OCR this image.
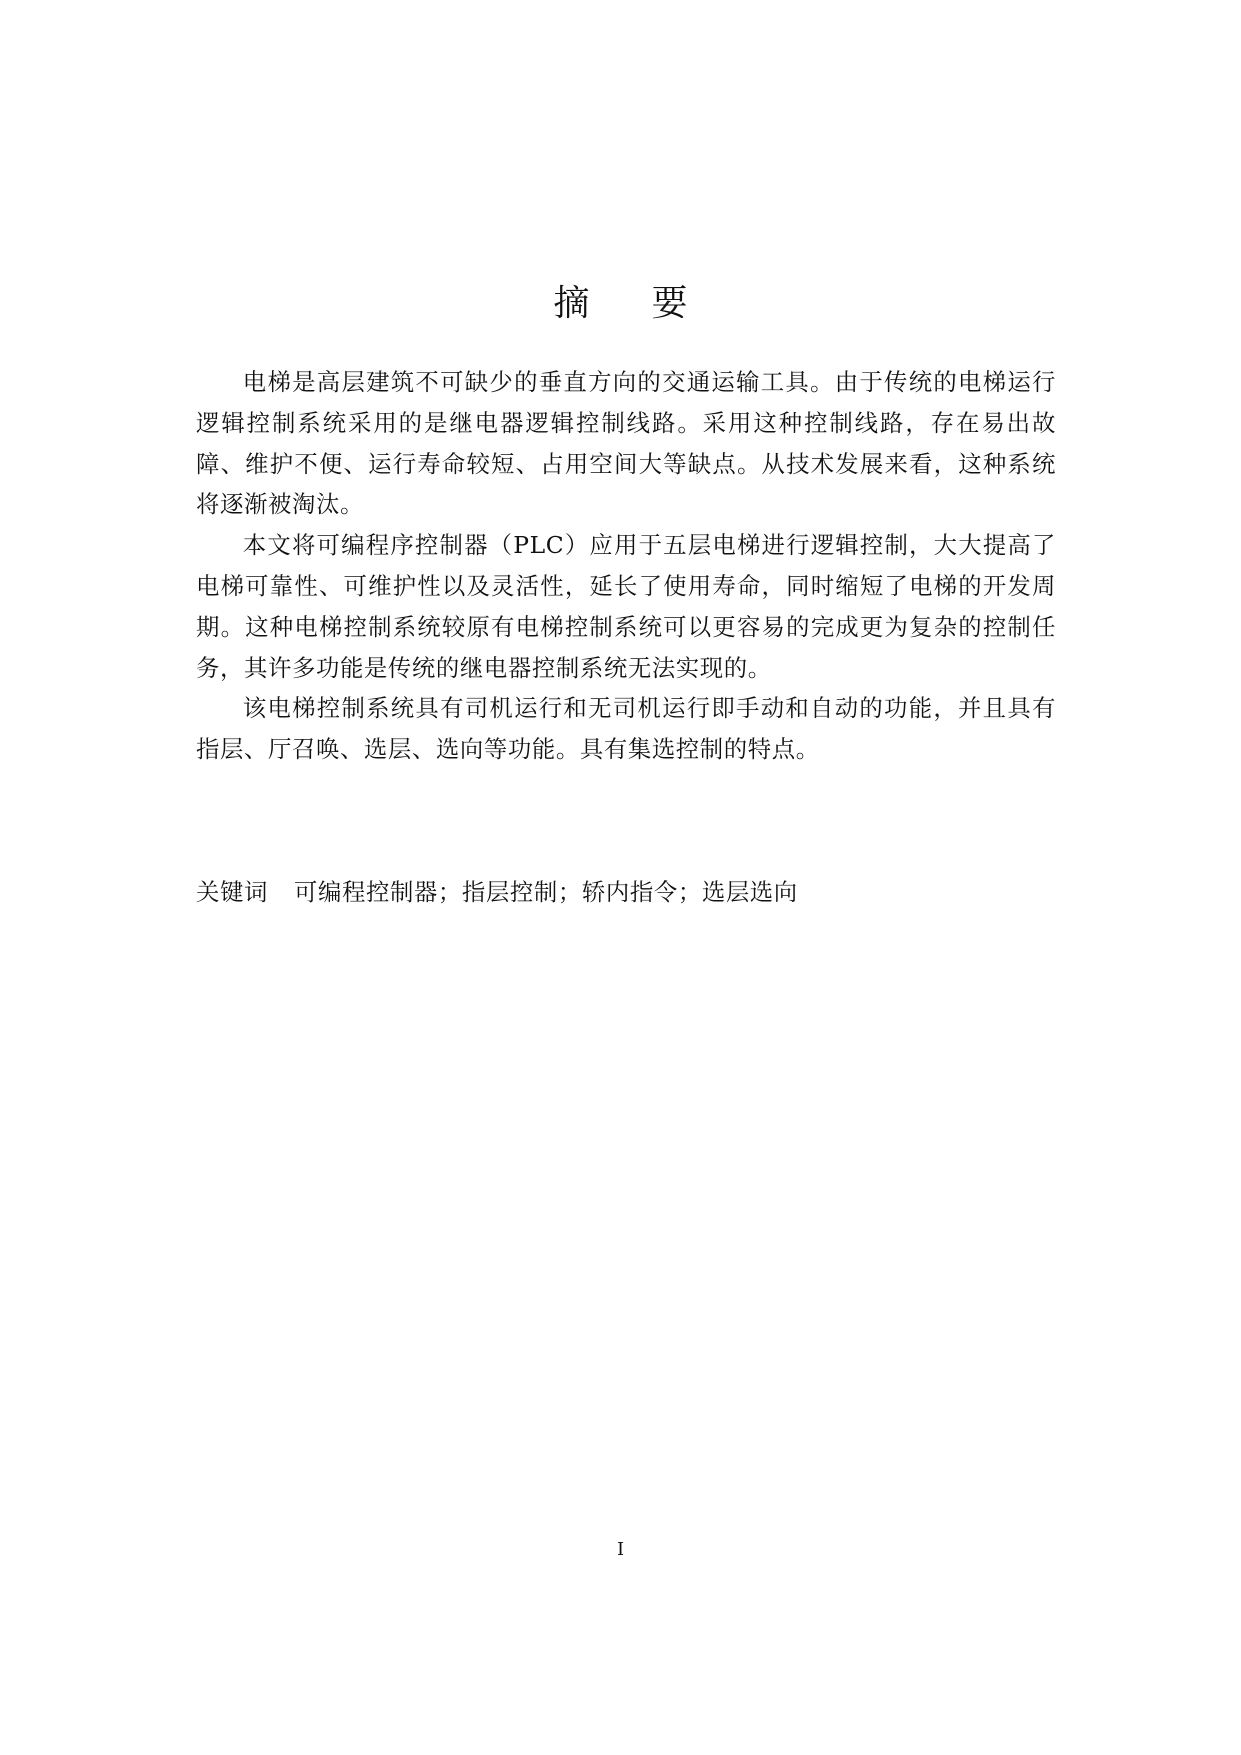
摘要

电梯是高层建筑不可缺少的垂直方向的交通运输工具。由于传统的电梯运行逻辑控制系统采用的是继电器逻辑控制线路。采用这种控制线路，存在易出故障、维护不便、运行寿命较短、占用空间大等缺点。从技术发展来看，这种系统将逐渐被淘汰。

本文将可编程序控制器（PLC）应用于五层电梯进行逻辑控制，大大提高了电梯可靠性、可维护性以及灵活性，延长了使用寿命，同时缩短了电梯的开发周期。这种电梯控制系统较原有电梯控制系统可以更容易的完成更为复杂的控制任务，其许多功能是传统的继电器控制系统无法实现的。

该电梯控制系统具有司机运行和无司机运行即手动和自动的功能，并且具有指层、厅召唤、选层、选向等功能。具有集选控制的特点。

关键词 可编程控制器；指层控制；轿内指令；选层选向
I
